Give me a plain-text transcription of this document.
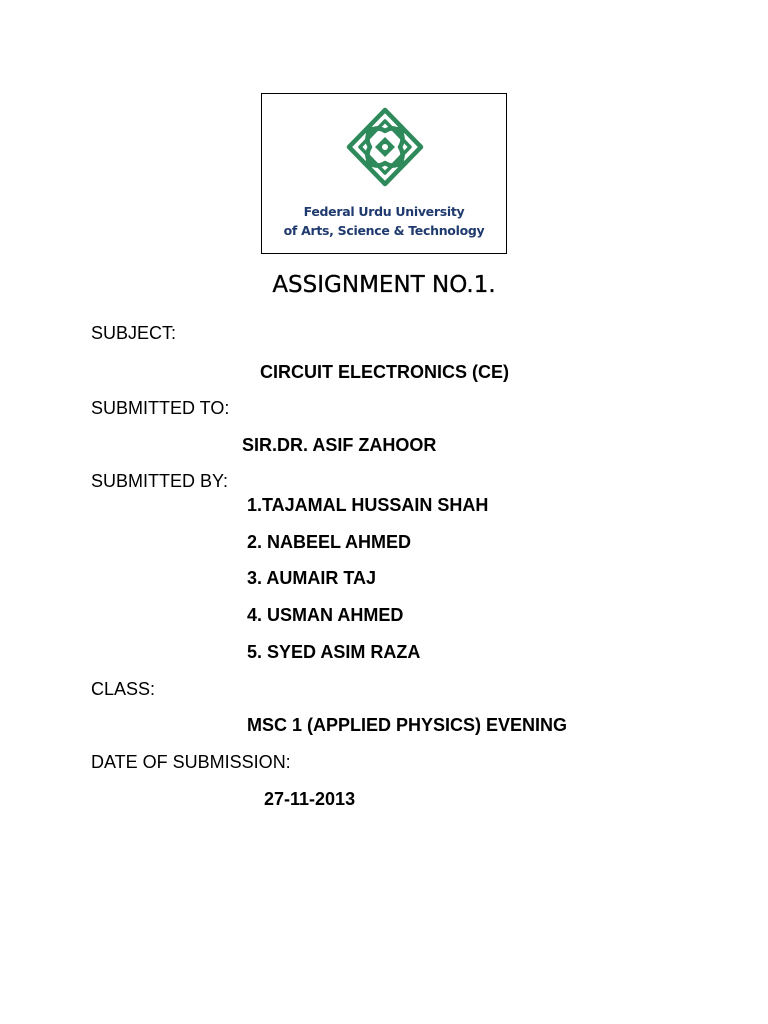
Federal Urdu University
of Arts, Science & Technology
ASSIGNMENT NO.1.
SUBJECT:
CIRCUIT ELECTRONICS (CE)
SUBMITTED TO:
SIR.DR. ASIF ZAHOOR
SUBMITTED BY:
1.TAJAMAL HUSSAIN SHAH
2. NABEEL AHMED
3. AUMAIR TAJ
4. USMAN AHMED
5. SYED ASIM RAZA
CLASS:
MSC 1 (APPLIED PHYSICS) EVENING
DATE OF SUBMISSION:
27-11-2013
